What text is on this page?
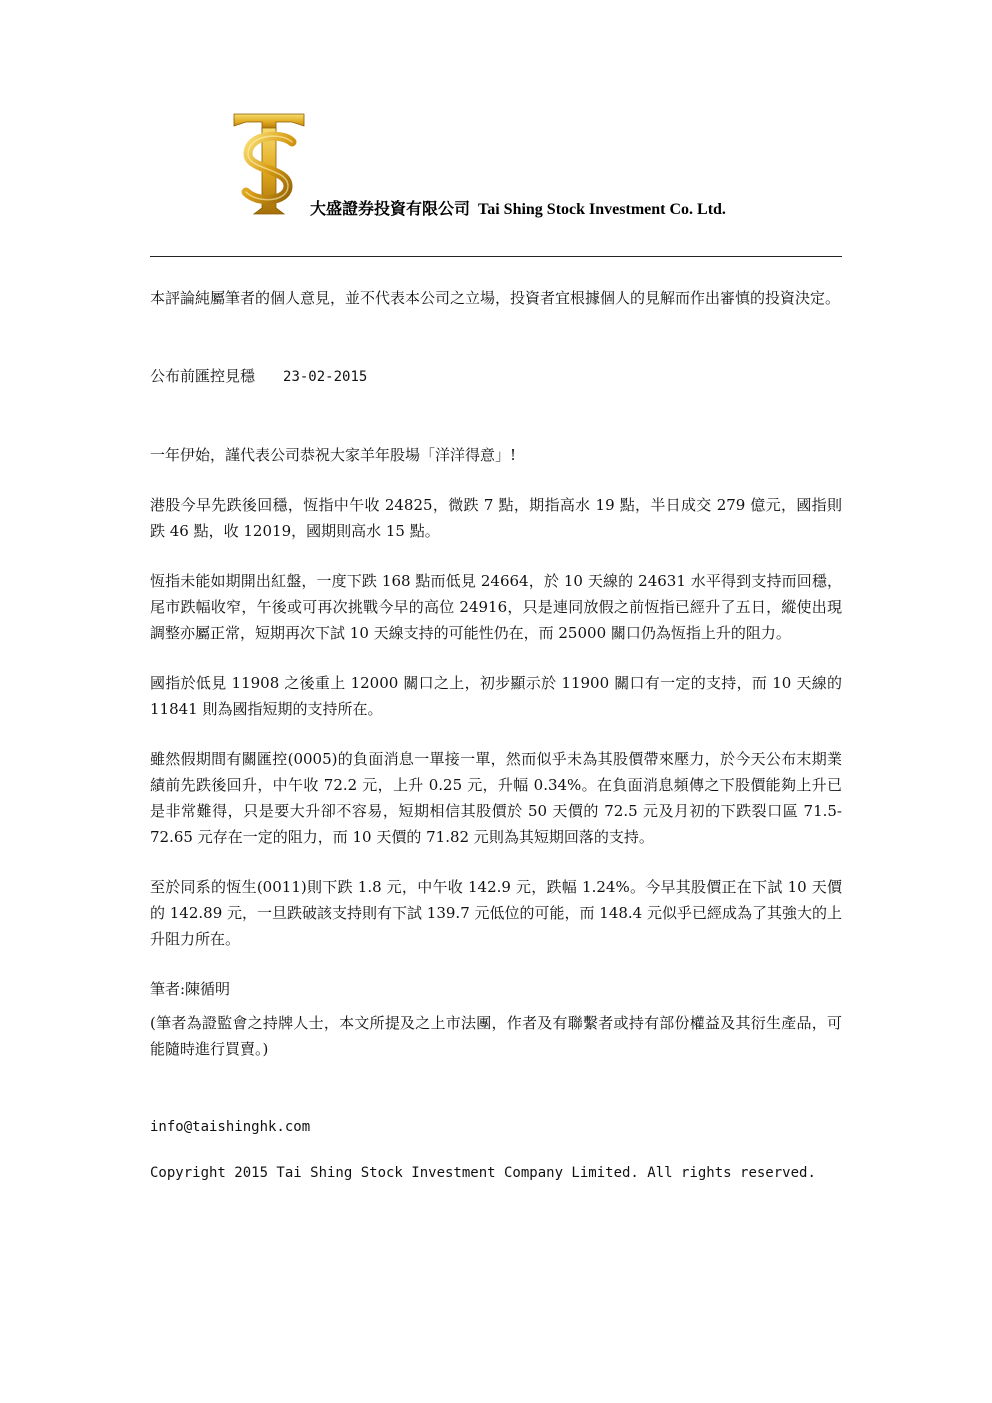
大盛證券投資有限公司 Tai Shing Stock Investment Co. Ltd.

本評論純屬筆者的個人意見，並不代表本公司之立場，投資者宜根據個人的見解而作出審慎的投資決定。

公布前匯控見穩 23-02-2015

一年伊始，謹代表公司恭祝大家羊年股場「洋洋得意」!

港股今早先跌後回穩，恆指中午收 24825，微跌 7 點，期指高水 19 點，半日成交 279 億元，國指則跌 46 點，收 12019，國期則高水 15 點。

恆指未能如期開出紅盤，一度下跌 168 點而低見 24664，於 10 天線的 24631 水平得到支持而回穩，尾市跌幅收窄，午後或可再次挑戰今早的高位 24916，只是連同放假之前恆指已經升了五日，縱使出現調整亦屬正常，短期再次下試 10 天線支持的可能性仍在，而 25000 關口仍為恆指上升的阻力。

國指於低見 11908 之後重上 12000 關口之上，初步顯示於 11900 關口有一定的支持，而 10 天線的 11841 則為國指短期的支持所在。

雖然假期間有關匯控(0005)的負面消息一單接一單，然而似乎未為其股價帶來壓力，於今天公布末期業績前先跌後回升，中午收 72.2 元，上升 0.25 元，升幅 0.34%。在負面消息頻傳之下股價能夠上升已是非常難得，只是要大升卻不容易，短期相信其股價於 50 天價的 72.5 元及月初的下跌裂口區 71.5-72.65 元存在一定的阻力，而 10 天價的 71.82 元則為其短期回落的支持。

至於同系的恆生(0011)則下跌 1.8 元，中午收 142.9 元，跌幅 1.24%。今早其股價正在下試 10 天價的 142.89 元，一旦跌破該支持則有下試 139.7 元低位的可能，而 148.4 元似乎已經成為了其強大的上升阻力所在。

筆者:陳循明

(筆者為證監會之持牌人士，本文所提及之上市法團，作者及有聯繫者或持有部份權益及其衍生產品，可能隨時進行買賣。)

info@taishinghk.com

Copyright 2015 Tai Shing Stock Investment Company Limited. All rights reserved.
